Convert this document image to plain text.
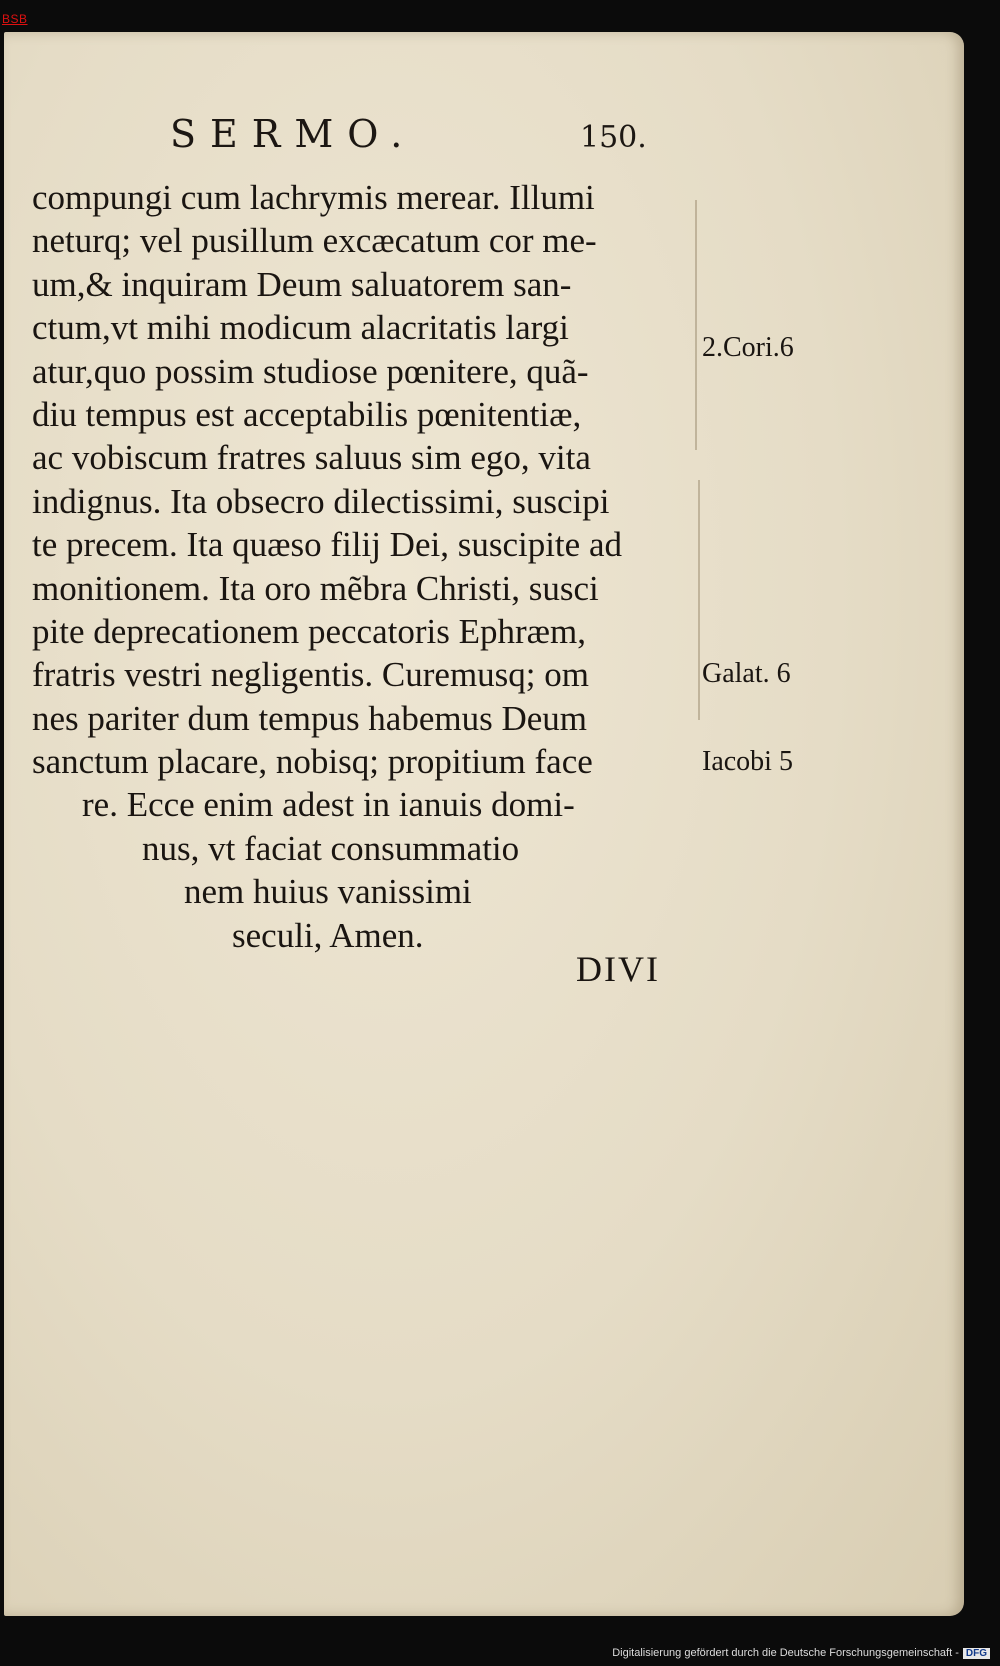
BSB
SERMO.	150.
compungi cum lachrymis merear. Illumi
neturq; vel pusillum excæcatum cor me-
um,& inquiram Deum saluatorem san-
ctum,vt mihi modicum alacritatis largi
atur,quo possim studiose pœnitere, quã-
diu tempus est acceptabilis pœnitentiæ,
ac vobiscum fratres saluus sim ego, vita
indignus. Ita obsecro dilectissimi, suscipi
te precem. Ita quæso filij Dei, suscipite ad
monitionem. Ita oro mẽbra Christi, susci
pite deprecationem peccatoris Ephræm,
fratris vestri negligentis. Curemusq; om
nes pariter dum tempus habemus Deum
sanctum placare, nobisq; propitium face
re. Ecce enim adest in ianuis domi-
nus, vt faciat consummatio
nem huius vanissimi
seculi, Amen.
DIVI
2.Cori.6
Galat. 6
Iacobi 5
Digitalisierung gefördert durch die Deutsche Forschungsgemeinschaft - DFG
